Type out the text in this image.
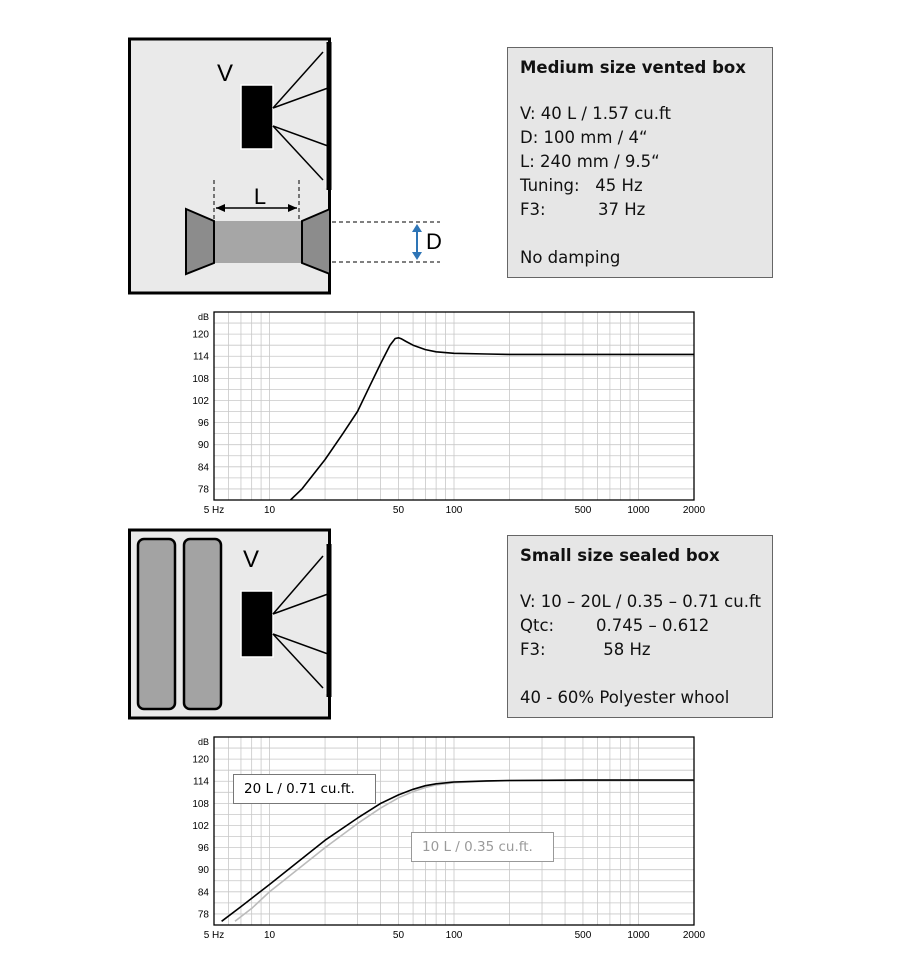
V
L
D
Medium size vented box
V: 40 L / 1.57 cu.ft
D: 100 mm / 4“
L: 240 mm / 9.5“
Tuning:   45 Hz
F3:          37 Hz
No damping
78
84
90
96
102
108
114
120
dB
5 Hz	10	50	100	500	1000	2000
V	Small size sealed box
V: 10 – 20L / 0.35 – 0.71 cu.ft
Qtc:        0.745 – 0.612
F3:           58 Hz
40 - 60% Polyester whool
78
84
90
96
102
108
114
120
dB
5 Hz	10	50	100	500	1000	2000
20 L / 0.71 cu.ft.
10 L / 0.35 cu.ft.
